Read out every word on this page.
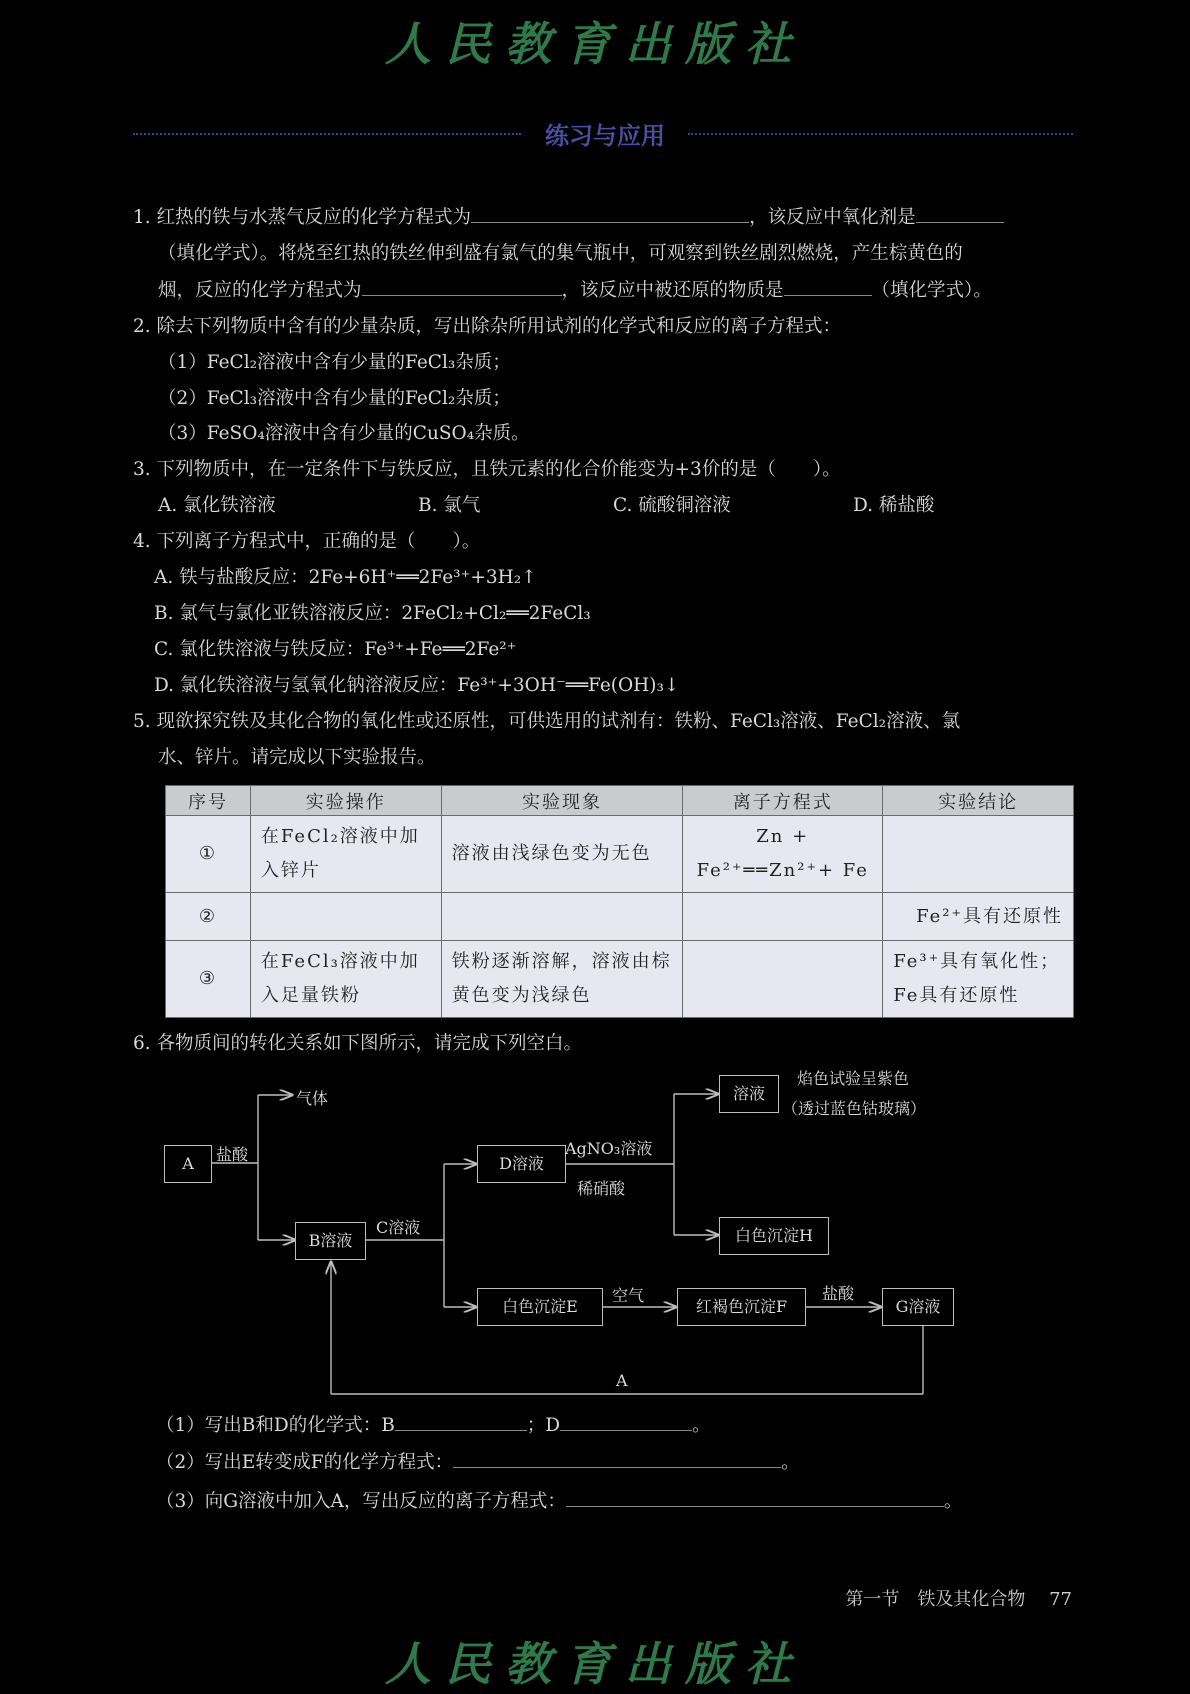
人民教育出版社
练习与应用
1. 红热的铁与水蒸气反应的化学方程式为	，该反应中氧化剂是
（填化学式）。将烧至红热的铁丝伸到盛有氯气的集气瓶中，可观察到铁丝剧烈燃烧，产生棕黄色的
烟，反应的化学方程式为	，该反应中被还原的物质是	（填化学式）。
2. 除去下列物质中含有的少量杂质，写出除杂所用试剂的化学式和反应的离子方程式：
（1）FeCl₂溶液中含有少量的FeCl₃杂质；
（2）FeCl₃溶液中含有少量的FeCl₂杂质；
（3）FeSO₄溶液中含有少量的CuSO₄杂质。
3. 下列物质中，在一定条件下与铁反应，且铁元素的化合价能变为+3价的是（　　）。
A. 氯化铁溶液	B. 氯气	C. 硫酸铜溶液	D. 稀盐酸
4. 下列离子方程式中，正确的是（　　）。
A. 铁与盐酸反应：2Fe+6H⁺══2Fe³⁺+3H₂↑
B. 氯气与氯化亚铁溶液反应：2FeCl₂+Cl₂══2FeCl₃
C. 氯化铁溶液与铁反应：Fe³⁺+Fe══2Fe²⁺
D. 氯化铁溶液与氢氧化钠溶液反应：Fe³⁺+3OH⁻══Fe(OH)₃↓
5. 现欲探究铁及其化合物的氧化性或还原性，可供选用的试剂有：铁粉、FeCl₃溶液、FeCl₂溶液、氯
水、锌片。请完成以下实验报告。
序号	实验操作	实验现象	离子方程式	实验结论
①	在FeCl₂溶液中加入锌片	溶液由浅绿色变为无色	Zn + Fe²⁺══Zn²⁺+ Fe	
②				Fe²⁺具有还原性
③	在FeCl₃溶液中加入足量铁粉	铁粉逐渐溶解，溶液由棕黄色变为浅绿色		Fe³⁺具有氧化性；Fe具有还原性
6. 各物质间的转化关系如下图所示，请完成下列空白。
A
B溶液
D溶液
溶液
白色沉淀H
白色沉淀E	红褐色沉淀F	G溶液
盐酸
气体
C溶液
AgNO₃溶液
稀硝酸
焰色试验呈紫色
（透过蓝色钴玻璃）
空气	盐酸
A
（1）写出B和D的化学式：B	；D	。
（2）写出E转变成F的化学方程式：	。
（3）向G溶液中加入A，写出反应的离子方程式：	。
第一节　铁及其化合物 77
人民教育出版社
